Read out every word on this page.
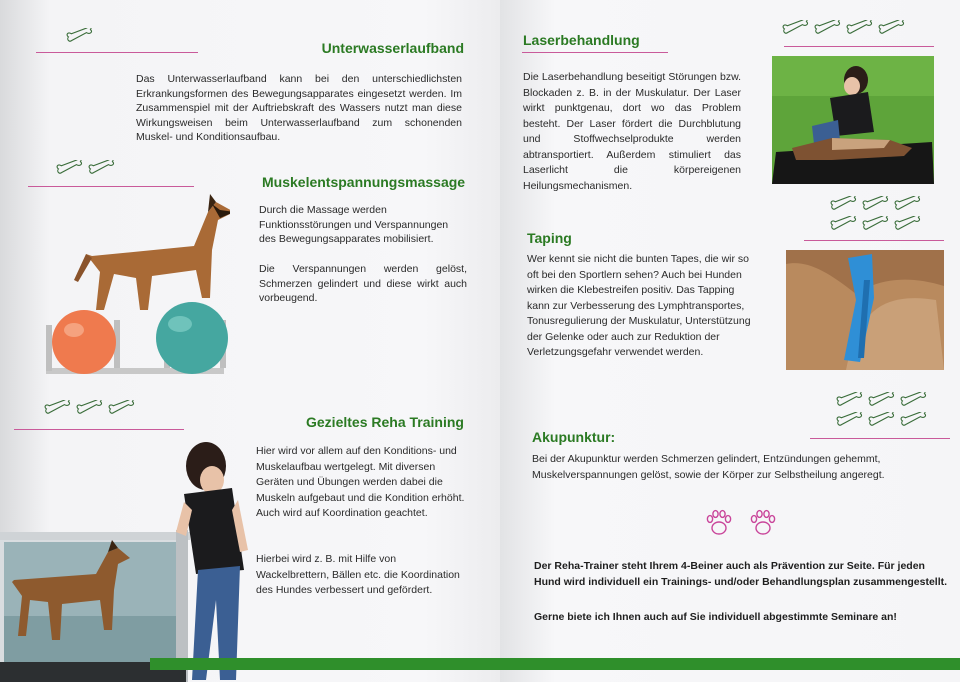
Unterwasserlaufband

Das Unterwasserlaufband kann bei den unterschiedlichsten Erkrankungsformen des Bewegungsapparates eingesetzt werden. Im Zusammenspiel mit der Auftriebskraft des Wassers nutzt man diese Wirkungsweisen beim Unterwasserlaufband zum schonenden Muskel- und Konditionsaufbau.

Muskelentspannungsmassage

Durch die Massage werden Funktionsstörungen und Verspannungen des Bewegungsapparates mobilisiert.

Die Verspannungen werden gelöst, Schmerzen gelindert und diese wirkt auch vorbeugend.

Gezieltes Reha Training

Hier wird vor allem auf den Konditions- und Muskelaufbau wertgelegt. Mit diversen Geräten und Übungen werden dabei die Muskeln aufgebaut und die Kondition erhöht. Auch wird auf Koordination geachtet.

Hierbei wird z. B. mit Hilfe von Wackelbrettern, Bällen etc. die Koordination des Hundes verbessert und gefördert.

Laserbehandlung

Die Laserbehandlung beseitigt Störungen bzw. Blockaden z. B. in der Muskulatur. Der Laser wirkt punktgenau, dort wo das Problem besteht. Der Laser fördert die Durchblutung und Stoffwechselprodukte werden abtransportiert. Außerdem stimuliert das Laserlicht die körpereigenen Heilungsmechanismen.

Taping

Wer kennt sie nicht die bunten Tapes, die wir so oft bei den Sportlern sehen? Auch bei Hunden wirken die Klebestreifen positiv. Das Tapping kann zur Verbesserung des Lymphtransportes, Tonusregulierung der Muskulatur, Unterstützung der Gelenke oder auch zur Reduktion der Verletzungsgefahr verwendet werden.

Akupunktur:

Bei der Akupunktur werden Schmerzen gelindert, Entzündungen gehemmt, Muskelverspannungen gelöst, sowie der Körper zur Selbstheilung angeregt.

Der Reha-Trainer steht Ihrem 4-Beiner auch als Prävention zur Seite. Für jeden Hund wird individuell ein Trainings- und/oder Behandlungsplan zusammengestellt.

Gerne biete ich Ihnen auch auf Sie individuell abgestimmte Seminare an!
